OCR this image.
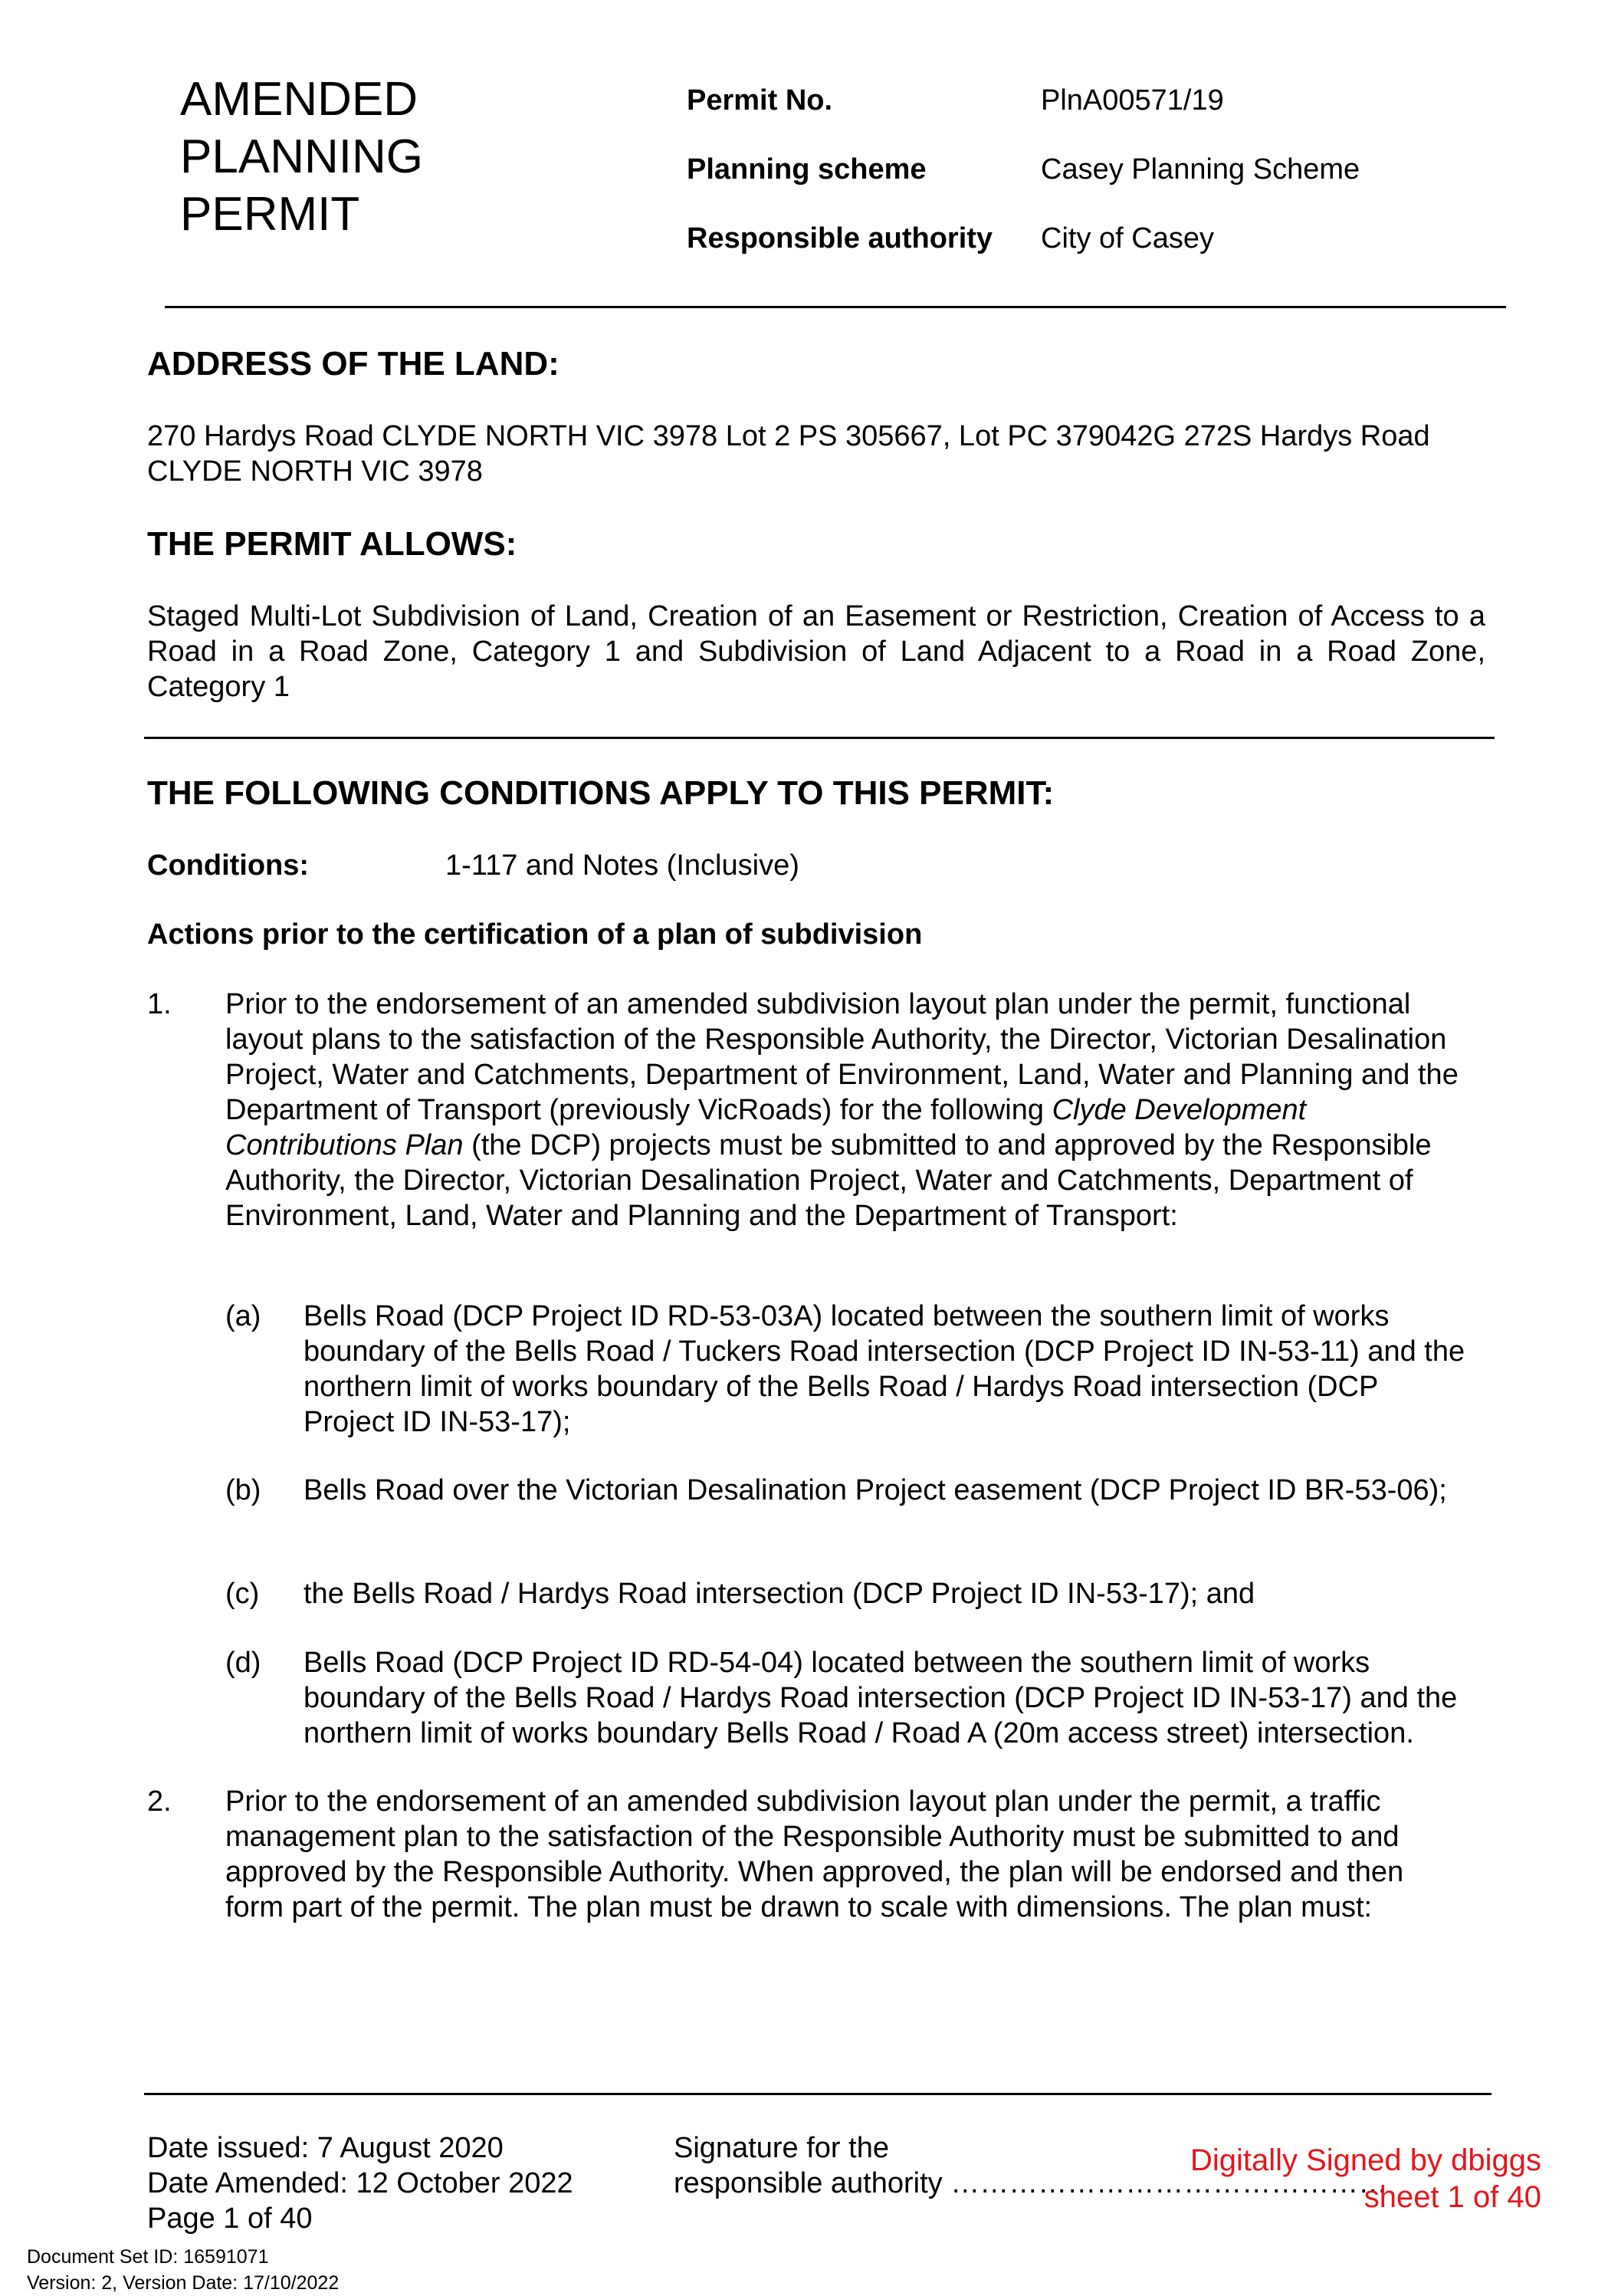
AMENDED
PLANNING
PERMIT
Permit No.	PlnA00571/19
Planning scheme	Casey Planning Scheme
Responsible authority City of Casey
ADDRESS OF THE LAND:
270 Hardys Road CLYDE NORTH VIC 3978 Lot 2 PS 305667, Lot PC 379042G 272S Hardys Road
CLYDE NORTH VIC 3978
THE PERMIT ALLOWS:
Staged Multi-Lot Subdivision of Land, Creation of an Easement or Restriction, Creation of Access to a Road in a Road Zone, Category 1 and Subdivision of Land Adjacent to a Road in a Road Zone, Category 1
THE FOLLOWING CONDITIONS APPLY TO THIS PERMIT:
Conditions:	1-117 and Notes (Inclusive)
Actions prior to the certification of a plan of subdivision
1. Prior to the endorsement of an amended subdivision layout plan under the permit, functional layout plans to the satisfaction of the Responsible Authority, the Director, Victorian Desalination Project, Water and Catchments, Department of Environment, Land, Water and Planning and the Department of Transport (previously VicRoads) for the following Clyde Development Contributions Plan (the DCP) projects must be submitted to and approved by the Responsible Authority, the Director, Victorian Desalination Project, Water and Catchments, Department of Environment, Land, Water and Planning and the Department of Transport:
(a) Bells Road (DCP Project ID RD-53-03A) located between the southern limit of works boundary of the Bells Road / Tuckers Road intersection (DCP Project ID IN-53-11) and the northern limit of works boundary of the Bells Road / Hardys Road intersection (DCP Project ID IN-53-17);
(b) Bells Road over the Victorian Desalination Project easement (DCP Project ID BR-53-06);
(c) the Bells Road / Hardys Road intersection (DCP Project ID IN-53-17); and
(d) Bells Road (DCP Project ID RD-54-04) located between the southern limit of works boundary of the Bells Road / Hardys Road intersection (DCP Project ID IN-53-17) and the northern limit of works boundary Bells Road / Road A (20m access street) intersection.
2. Prior to the endorsement of an amended subdivision layout plan under the permit, a traffic management plan to the satisfaction of the Responsible Authority must be submitted to and approved by the Responsible Authority. When approved, the plan will be endorsed and then form part of the permit. The plan must be drawn to scale with dimensions. The plan must:
Date issued: 7 August 2020
Date Amended: 12 October 2022
Page 1 of 40
Signature for the
responsible authority ………………………………………
Digitally Signed by dbiggs
sheet 1 of 40
Document Set ID: 16591071
Version: 2, Version Date: 17/10/2022
